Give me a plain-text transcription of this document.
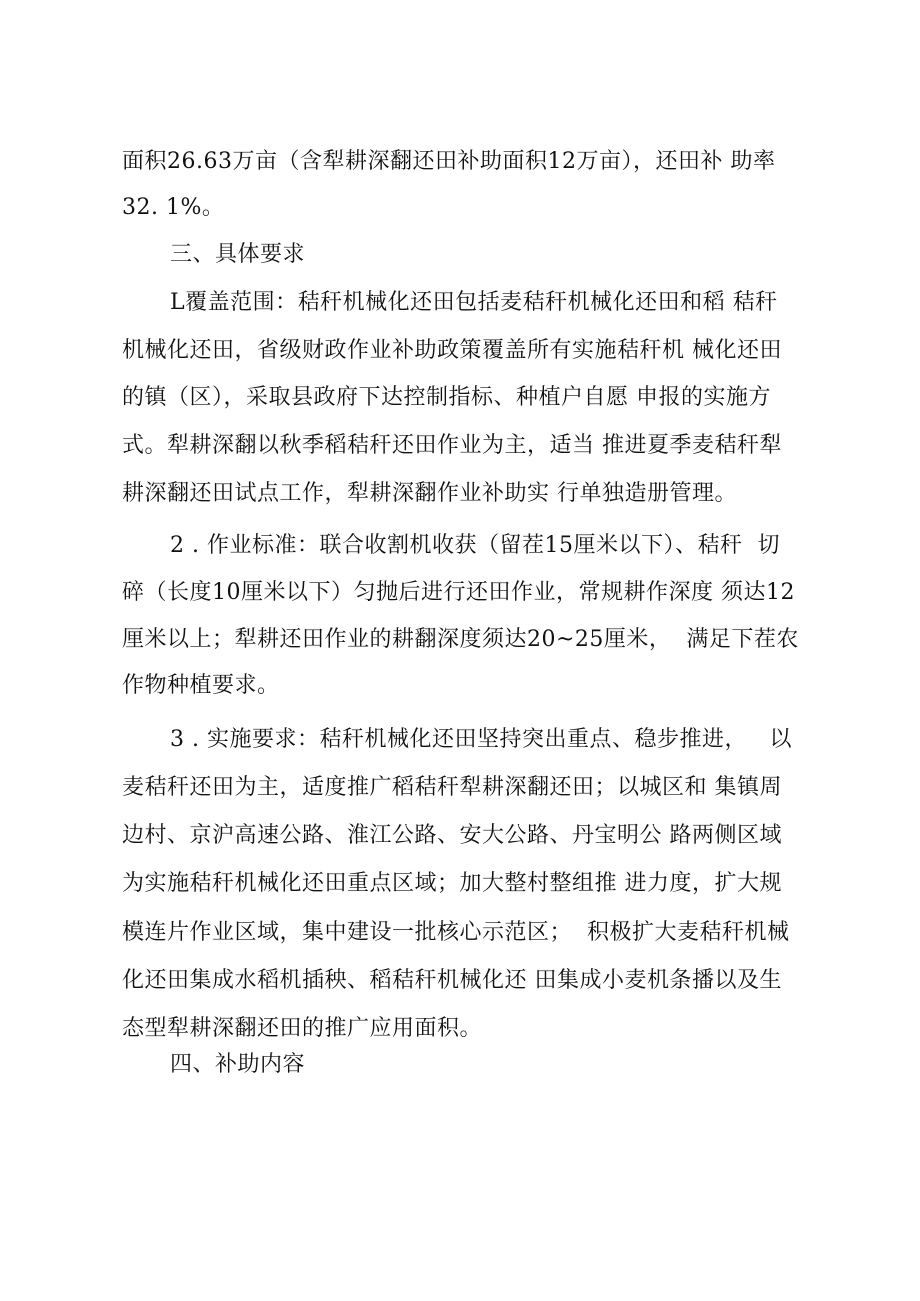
面积26.63万亩（含犁耕深翻还田补助面积12万亩），还田补 助率
32. 1%。
三、具体要求
L覆盖范围：秸秆机械化还田包括麦秸秆机械化还田和稻 秸秆
机械化还田，省级财政作业补助政策覆盖所有实施秸秆机 械化还田
的镇（区），采取县政府下达控制指标、种植户自愿 申报的实施方
式。犁耕深翻以秋季稻秸秆还田作业为主，适当 推进夏季麦秸秆犁
耕深翻还田试点工作，犁耕深翻作业补助实 行单独造册管理。
2 . 作业标准：联合收割机收获（留茬15厘米以下）、秸秆  切
碎（长度10厘米以下）匀抛后进行还田作业，常规耕作深度 须达12
厘米以上；犁耕还田作业的耕翻深度须达20~25厘米，  满足下茬农
作物种植要求。
3 . 实施要求：秸秆机械化还田坚持突出重点、稳步推进，   以
麦秸秆还田为主，适度推广稻秸秆犁耕深翻还田；以城区和 集镇周
边村、京沪高速公路、淮江公路、安大公路、丹宝明公 路两侧区域
为实施秸秆机械化还田重点区域；加大整村整组推 进力度，扩大规
模连片作业区域，集中建设一批核心示范区；  积极扩大麦秸秆机械
化还田集成水稻机插秧、稻秸秆机械化还 田集成小麦机条播以及生
态型犁耕深翻还田的推广应用面积。
四、补助内容
